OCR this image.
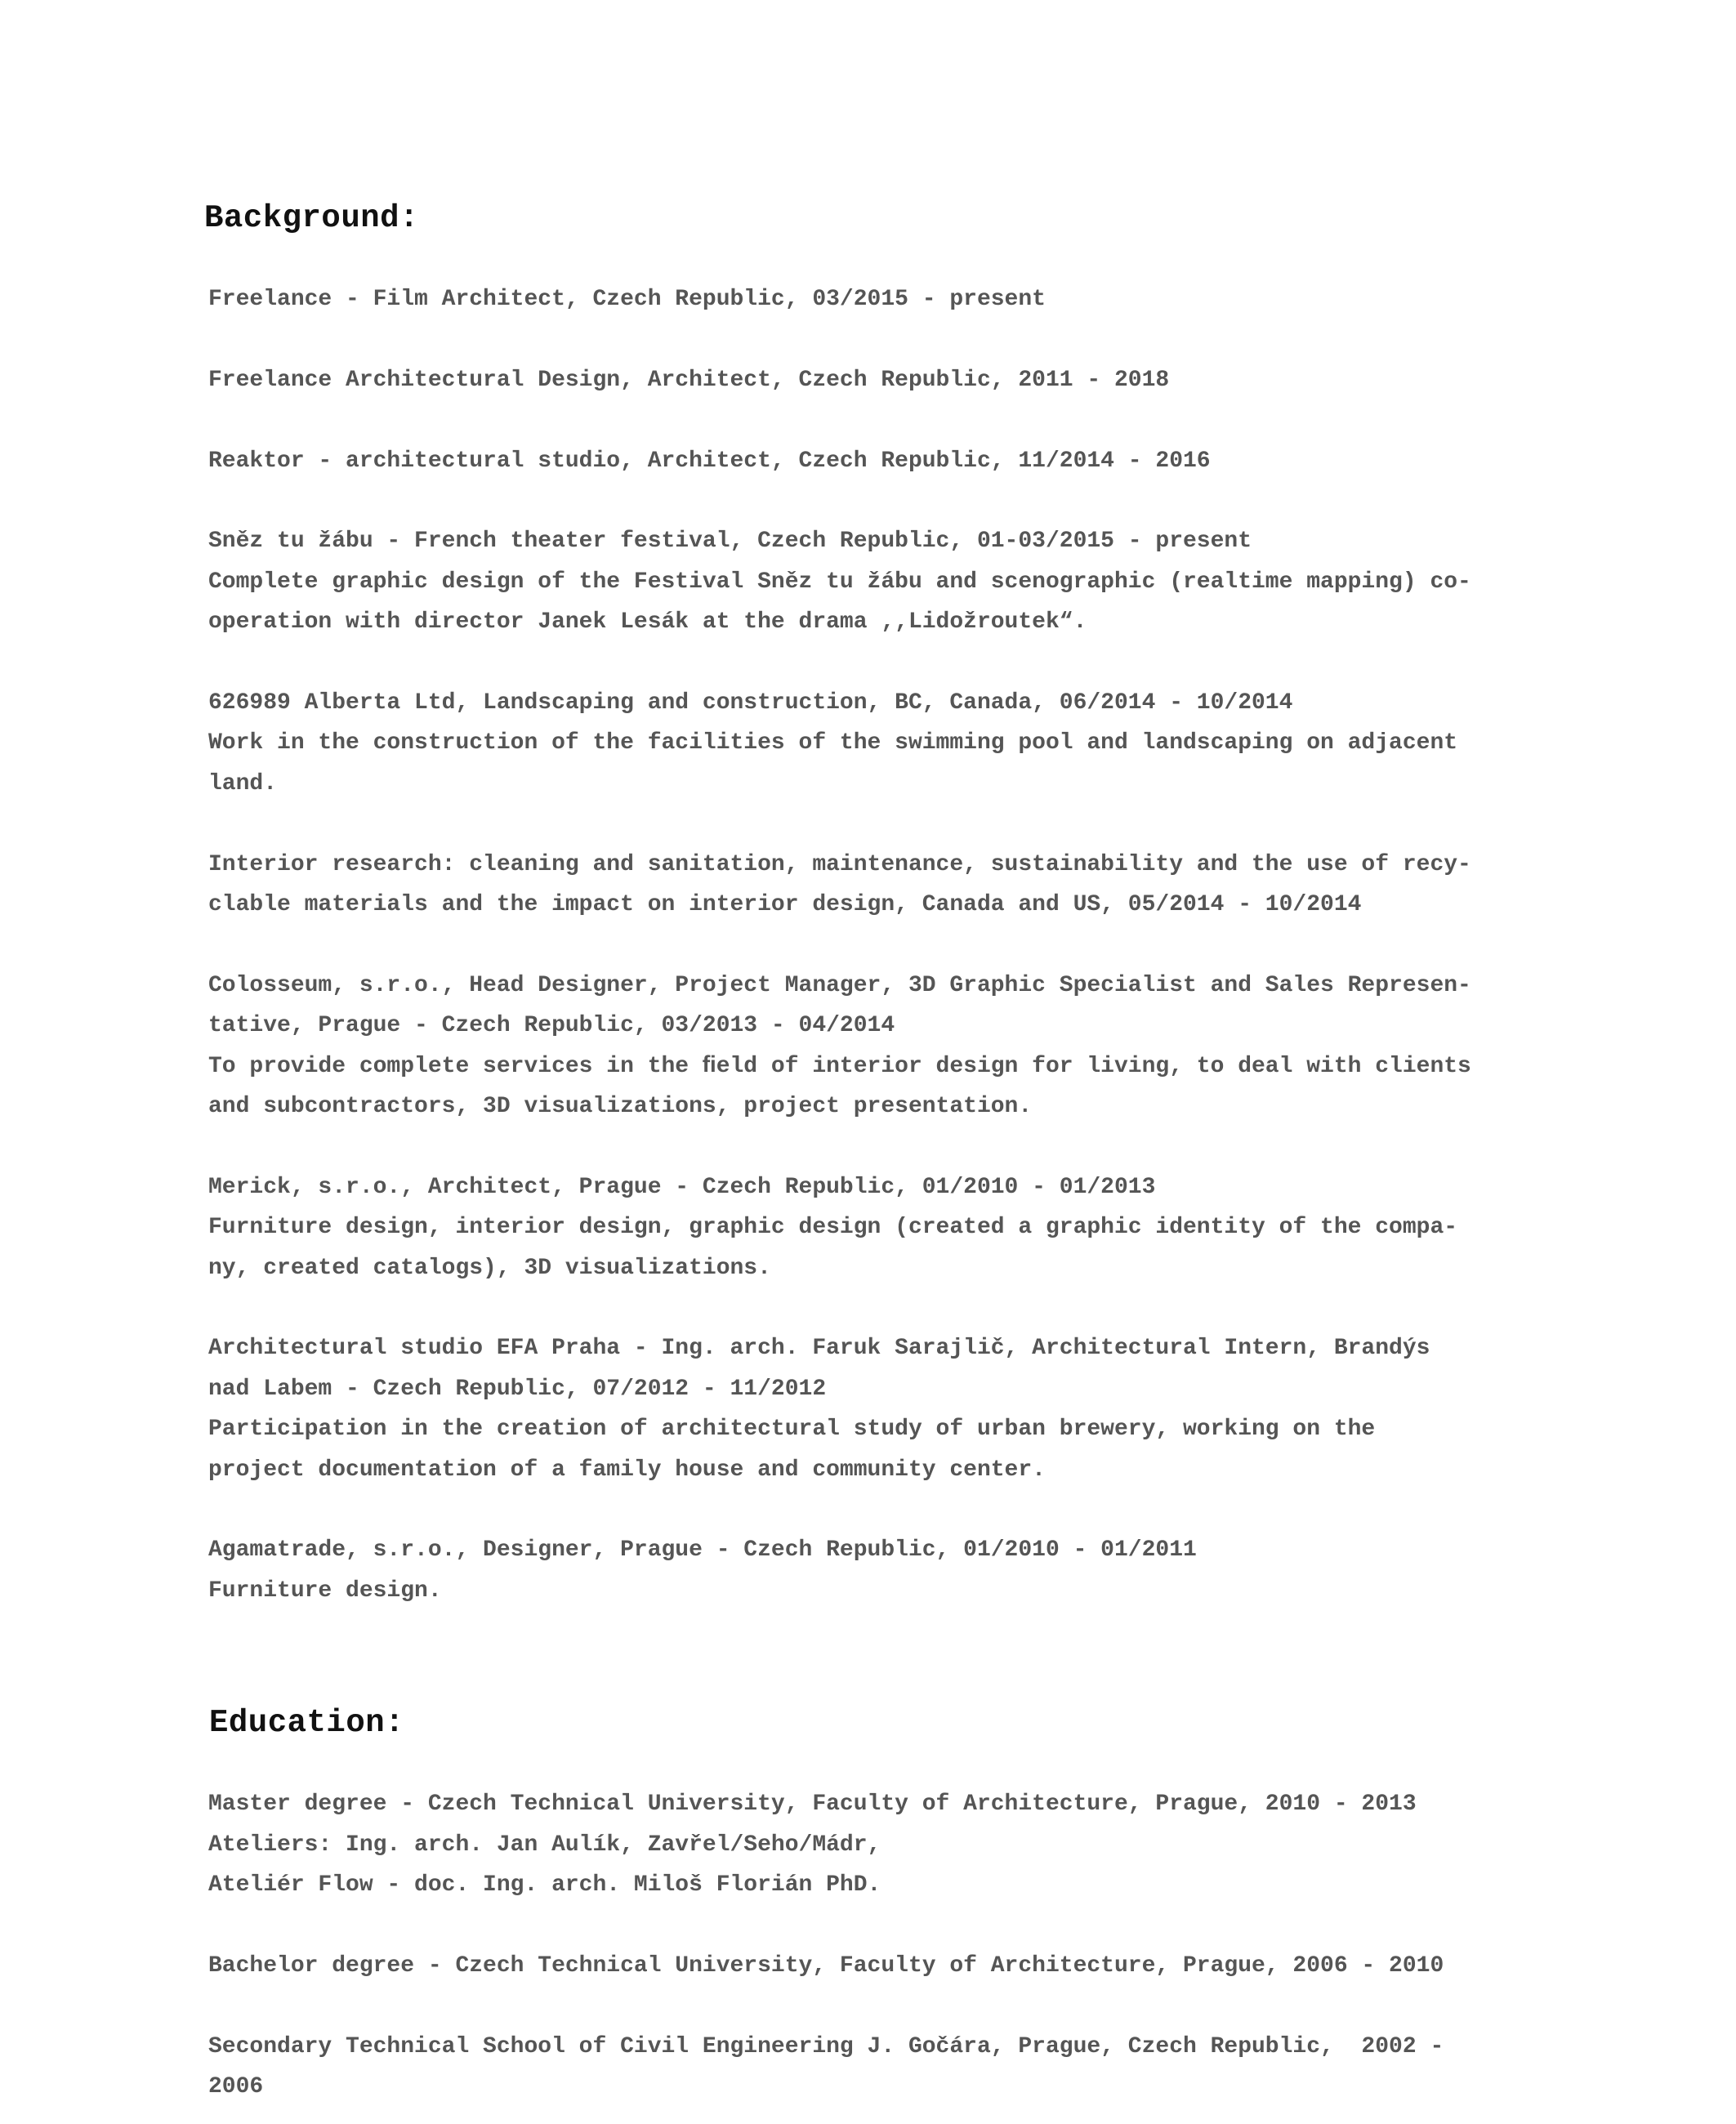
Background:
Freelance - Film Architect, Czech Republic, 03/2015 - present
Freelance Architectural Design, Architect, Czech Republic, 2011 - 2018
Reaktor - architectural studio, Architect, Czech Republic, 11/2014 - 2016
Sněz tu žábu - French theater festival, Czech Republic, 01-03/2015 - present
Complete graphic design of the Festival Sněz tu žábu and scenographic (realtime mapping) co-
operation with director Janek Lesák at the drama ,,Lidožroutek“.
626989 Alberta Ltd, Landscaping and construction, BC, Canada, 06/2014 - 10/2014
Work in the construction of the facilities of the swimming pool and landscaping on adjacent
land.
Interior research: cleaning and sanitation, maintenance, sustainability and the use of recy-
clable materials and the impact on interior design, Canada and US, 05/2014 - 10/2014
Colosseum, s.r.o., Head Designer, Project Manager, 3D Graphic Specialist and Sales Represen-
tative, Prague - Czech Republic, 03/2013 - 04/2014
To provide complete services in the ﬁeld of interior design for living, to deal with clients
and subcontractors, 3D visualizations, project presentation.
Merick, s.r.o., Architect, Prague - Czech Republic, 01/2010 - 01/2013
Furniture design, interior design, graphic design (created a graphic identity of the compa-
ny, created catalogs), 3D visualizations.
Architectural studio EFA Praha - Ing. arch. Faruk Sarajlič, Architectural Intern, Brandýs
nad Labem - Czech Republic, 07/2012 - 11/2012
Participation in the creation of architectural study of urban brewery, working on the
project documentation of a family house and community center.
Agamatrade, s.r.o., Designer, Prague - Czech Republic, 01/2010 - 01/2011
Furniture design.
Education:
Master degree - Czech Technical University, Faculty of Architecture, Prague, 2010 - 2013
Ateliers: Ing. arch. Jan Aulík, Zavřel/Seho/Mádr,
Ateliér Flow - doc. Ing. arch. Miloš Florián PhD.
Bachelor degree - Czech Technical University, Faculty of Architecture, Prague, 2006 - 2010
Secondary Technical School of Civil Engineering J. Gočára, Prague, Czech Republic,  2002 -
2006
